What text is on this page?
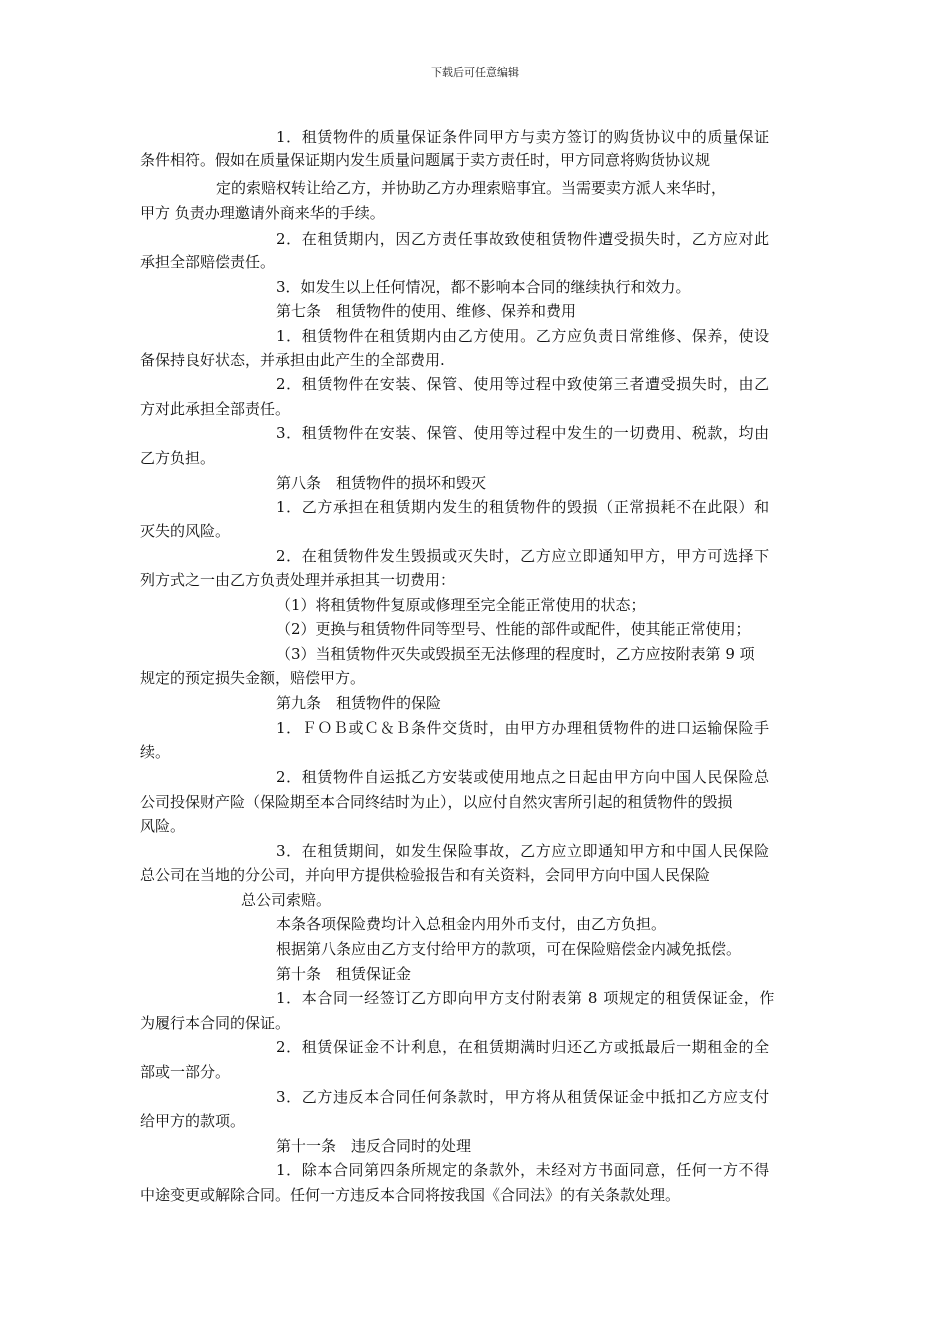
下载后可任意编辑
1．租赁物件的质量保证条件同甲方与卖方签订的购货协议中的质量保证
条件相符。假如在质量保证期内发生质量问题属于卖方责任时，甲方同意将购货协议规
定的索赔权转让给乙方，并协助乙方办理索赔事宜。当需要卖方派人来华时，
甲方 负责办理邀请外商来华的手续。
2．在租赁期内，因乙方责任事故致使租赁物件遭受损失时，乙方应对此
承担全部赔偿责任。
3．如发生以上任何情况，都不影响本合同的继续执行和效力。
第七条　租赁物件的使用、维修、保养和费用
1．租赁物件在租赁期内由乙方使用。乙方应负责日常维修、保养，使设
备保持良好状态，并承担由此产生的全部费用.
2．租赁物件在安装、保管、使用等过程中致使第三者遭受损失时，由乙
方对此承担全部责任。
3．租赁物件在安装、保管、使用等过程中发生的一切费用、税款，均由
乙方负担。
第八条　租赁物件的损坏和毁灭
1．乙方承担在租赁期内发生的租赁物件的毁损（正常损耗不在此限）和
灭失的风险。
2．在租赁物件发生毁损或灭失时，乙方应立即通知甲方，甲方可选择下
列方式之一由乙方负责处理并承担其一切费用：
（1）将租赁物件复原或修理至完全能正常使用的状态；
（2）更换与租赁物件同等型号、性能的部件或配件，使其能正常使用；
（3）当租赁物件灭失或毁损至无法修理的程度时，乙方应按附表第 9 项
规定的预定损失金额，赔偿甲方。
第九条　租赁物件的保险
1．ＦＯＢ或Ｃ＆Ｂ条件交货时，由甲方办理租赁物件的进口运输保险手
续。
2．租赁物件自运抵乙方安装或使用地点之日起由甲方向中国人民保险总
公司投保财产险（保险期至本合同终结时为止），以应付自然灾害所引起的租赁物件的毁损
风险。
3．在租赁期间，如发生保险事故，乙方应立即通知甲方和中国人民保险
总公司在当地的分公司，并向甲方提供检验报告和有关资料，会同甲方向中国人民保险
总公司索赔。
本条各项保险费均计入总租金内用外币支付，由乙方负担。
根据第八条应由乙方支付给甲方的款项，可在保险赔偿金内减免抵偿。
第十条　租赁保证金
1．本合同一经签订乙方即向甲方支付附表第 8 项规定的租赁保证金，作
为履行本合同的保证。
2．租赁保证金不计利息，在租赁期满时归还乙方或抵最后一期租金的全
部或一部分。
3．乙方违反本合同任何条款时，甲方将从租赁保证金中抵扣乙方应支付
给甲方的款项。
第十一条　违反合同时的处理
1．除本合同第四条所规定的条款外，未经对方书面同意，任何一方不得
中途变更或解除合同。任何一方违反本合同将按我国《合同法》的有关条款处理。
